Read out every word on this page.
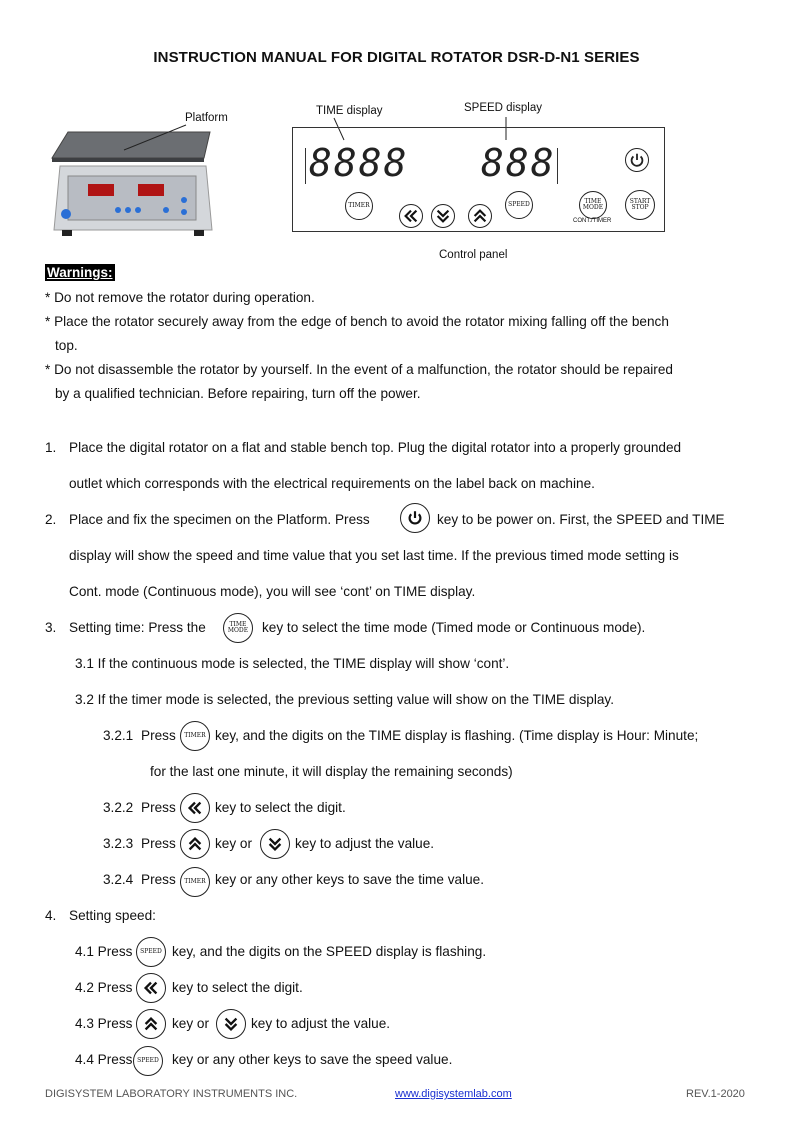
INSTRUCTION MANUAL FOR DIGITAL ROTATOR DSR-D-N1 SERIES
Platform
TIME display	SPEED display
8888 888
TIMER	SPEED	TIME
MODE
CONT./TIMER
START
STOP
Control panel
Warnings:
* Do not remove the rotator during operation.
* Place the rotator securely away from the edge of bench to avoid the rotator mixing falling off the bench
top.
* Do not disassemble the rotator by yourself. In the event of a malfunction, the rotator should be repaired
by a qualified technician. Before repairing, turn off the power.
1. Place the digital rotator on a flat and stable bench top. Plug the digital rotator into a properly grounded
outlet which corresponds with the electrical requirements on the label back on machine.
2. Place and fix the specimen on the Platform. Press	key to be power on. First, the SPEED and TIME
display will show the speed and time value that you set last time. If the previous timed mode setting is
Cont. mode (Continuous mode), you will see ‘cont’ on TIME display.
3. Setting time: Press the	TIME
MODE key to select the time mode (Timed mode or Continuous mode).
3.1 If the continuous mode is selected, the TIME display will show ‘cont’.
3.2 If the timer mode is selected, the previous setting value will show on the TIME display.
3.2.1 Press TIMER key, and the digits on the TIME display is flashing. (Time display is Hour: Minute;
for the last one minute, it will display the remaining seconds)
3.2.2 Press	key to select the digit.
3.2.3 Press	key or	key to adjust the value.
3.2.4 Press TIMER key or any other keys to save the time value.
4. Setting speed:
4.1 Press SPEED key, and the digits on the SPEED display is flashing.
4.2 Press	key to select the digit.
4.3 Press	key or	key to adjust the value.
4.4 Press SPEED key or any other keys to save the speed value.
DIGISYSTEM LABORATORY INSTRUMENTS INC.	www.digisystemlab.com	REV.1-2020
